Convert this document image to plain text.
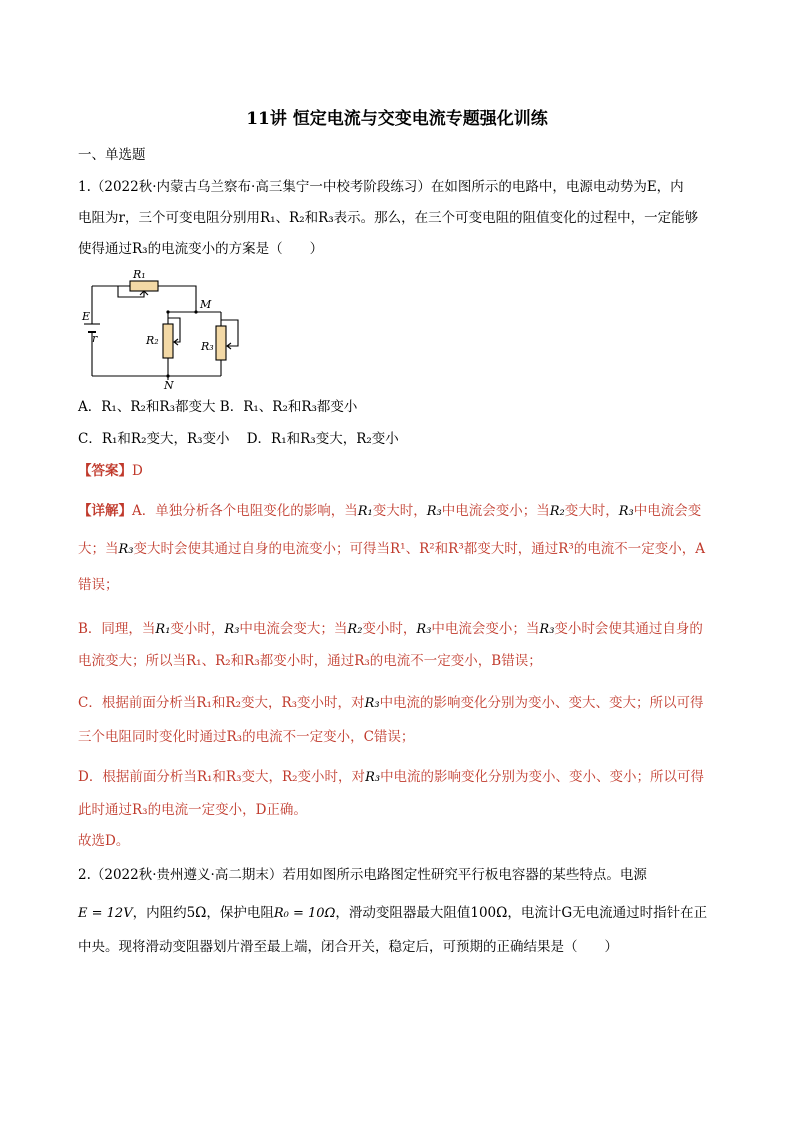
11讲 恒定电流与交变电流专题强化训练
一、单选题
1.（2022秋·内蒙古乌兰察布·高三集宁一中校考阶段练习）在如图所示的电路中，电源电动势为E，内
电阻为r，三个可变电阻分别用R₁、R₂和R₃表示。那么，在三个可变电阻的阻值变化的过程中，一定能够
使得通过R₃的电流变小的方案是（　　）
R₁
M
E
r	R₂	R₃
N
A．R₁、R₂和R₃都变大 B．R₁、R₂和R₃都变小
C．R₁和R₂变大，R₃变小 D．R₁和R₃变大，R₂变小
【答案】D
【详解】A．单独分析各个电阻变化的影响，当R₁变大时，R₃中电流会变小；当R₂变大时，R₃中电流会变
大；当R₃变大时会使其通过自身的电流变小；可得当R¹、R²和R³都变大时，通过R³的电流不一定变小，A
错误；
B．同理，当R₁变小时，R₃中电流会变大；当R₂变小时，R₃中电流会变小；当R₃变小时会使其通过自身的
电流变大；所以当R₁、R₂和R₃都变小时，通过R₃的电流不一定变小，B错误；
C．根据前面分析当R₁和R₂变大，R₃变小时，对R₃中电流的影响变化分别为变小、变大、变大；所以可得
三个电阻同时变化时通过R₃的电流不一定变小，C错误；
D．根据前面分析当R₁和R₃变大，R₂变小时，对R₃中电流的影响变化分别为变小、变小、变小；所以可得
此时通过R₃的电流一定变小，D正确。
故选D。
2.（2022秋·贵州遵义·高二期末）若用如图所示电路图定性研究平行板电容器的某些特点。电源
E = 12V，内阻约5Ω，保护电阻R₀ = 10Ω，滑动变阻器最大阻值100Ω，电流计G无电流通过时指针在正
中央。现将滑动变阻器划片滑至最上端，闭合开关，稳定后，可预期的正确结果是（　　）
